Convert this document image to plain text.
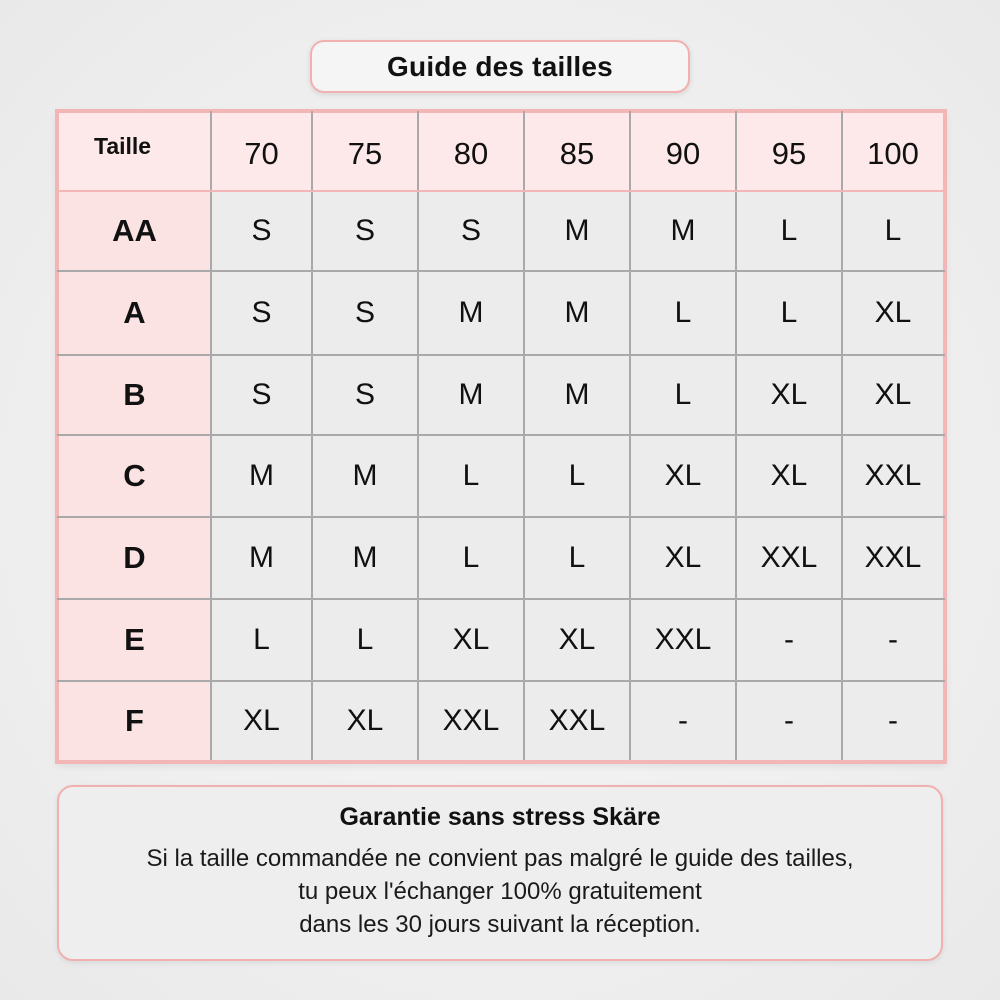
Guide des tailles
Taille	70	75	80	85	90	95	100
AA	S	S	S	M	M	L	L
A	S	S	M	M	L	L	XL
B	S	S	M	M	L	XL	XL
C	M	M	L	L	XL	XL	XXL
D	M	M	L	L	XL	XXL	XXL
E	L	L	XL	XL	XXL	-	-
F	XL	XL	XXL	XXL	-	-	-
Garantie sans stress Skäre
Si la taille commandée ne convient pas malgré le guide des tailles,
tu peux l'échanger 100% gratuitement
dans les 30 jours suivant la réception.
